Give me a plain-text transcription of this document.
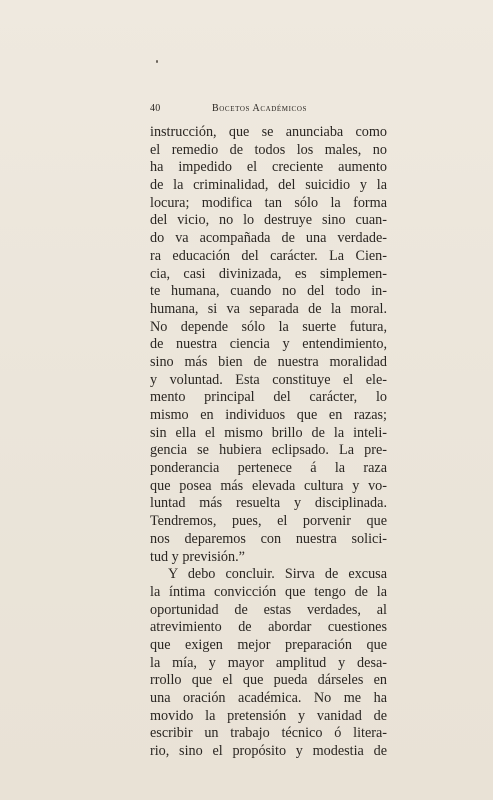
40	Bocetos Académicos
instrucción, que se anunciaba como
el remedio de todos los males, no
ha impedido el creciente aumento
de la criminalidad, del suicidio y la
locura; modifica tan sólo la forma
del vicio, no lo destruye sino cuan-
do va acompañada de una verdade-
ra educación del carácter. La Cien-
cia, casi divinizada, es simplemen-
te humana, cuando no del todo in-
humana, si va separada de la moral.
No depende sólo la suerte futura,
de nuestra ciencia y entendimiento,
sino más bien de nuestra moralidad
y voluntad. Esta constituye el ele-
mento principal del carácter, lo
mismo en individuos que en razas;
sin ella el mismo brillo de la inteli-
gencia se hubiera eclipsado. La pre-
ponderancia pertenece á la raza
que posea más elevada cultura y vo-
luntad más resuelta y disciplinada.
Tendremos, pues, el porvenir que
nos deparemos con nuestra solici-
tud y previsión.”
Y debo concluir. Sirva de excusa
la íntima convicción que tengo de la
oportunidad de estas verdades, al
atrevimiento de abordar cuestiones
que exigen mejor preparación que
la mía, y mayor amplitud y desa-
rrollo que el que pueda dárseles en
una oración académica. No me ha
movido la pretensión y vanidad de
escribir un trabajo técnico ó litera-
rio, sino el propósito y modestia de
